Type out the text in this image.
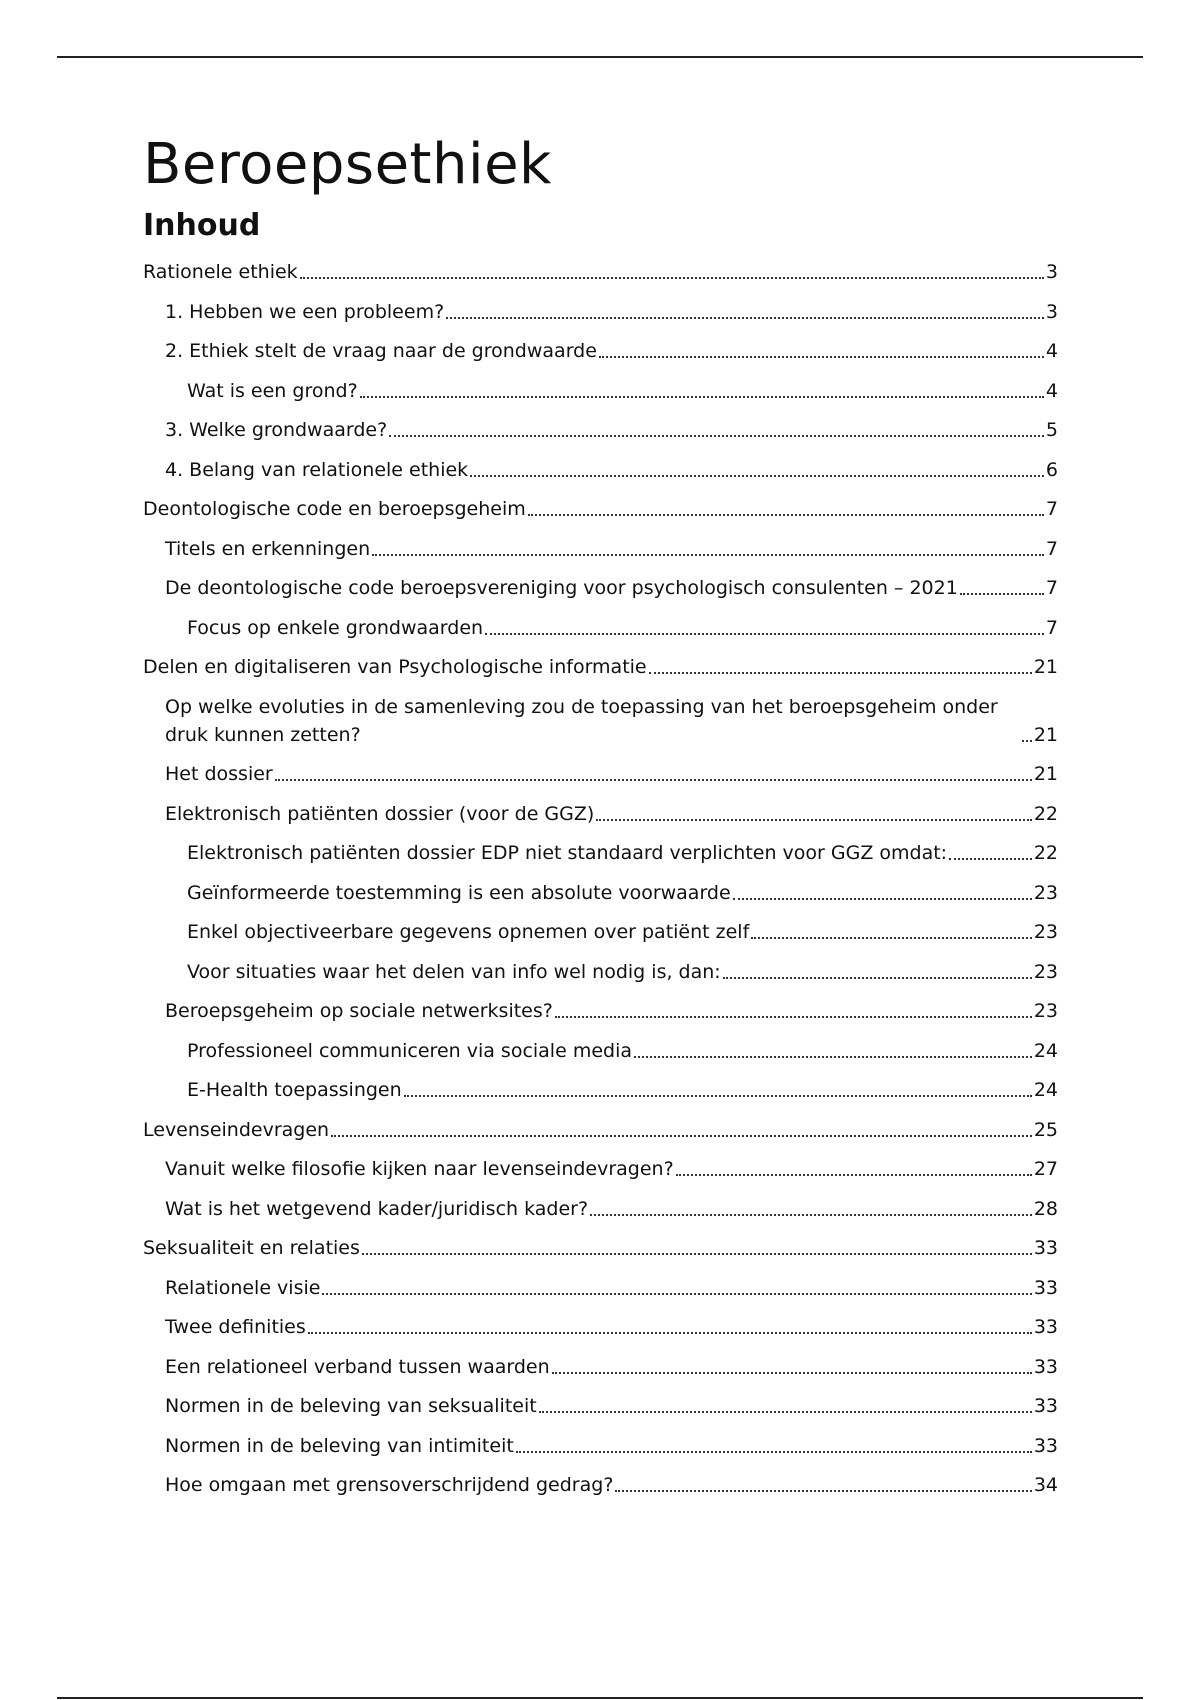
Beroepsethiek
Inhoud
Rationele ethiek	3
1. Hebben we een probleem?	3
2. Ethiek stelt de vraag naar de grondwaarde	4
Wat is een grond?	4
3. Welke grondwaarde?	5
4. Belang van relationele ethiek	6
Deontologische code en beroepsgeheim	7
Titels en erkenningen	7
De deontologische code beroepsvereniging voor psychologisch consulenten – 2021	7
Focus op enkele grondwaarden	7
Delen en digitaliseren van Psychologische informatie	21
Op welke evoluties in de samenleving zou de toepassing van het beroepsgeheim onder druk kunnen zetten?	21
Het dossier	21
Elektronisch patiënten dossier (voor de GGZ)	22
Elektronisch patiënten dossier EDP niet standaard verplichten voor GGZ omdat:	22
Geïnformeerde toestemming is een absolute voorwaarde	23
Enkel objectiveerbare gegevens opnemen over patiënt zelf	23
Voor situaties waar het delen van info wel nodig is, dan:	23
Beroepsgeheim op sociale netwerksites?	23
Professioneel communiceren via sociale media	24
E-Health toepassingen	24
Levenseindevragen	25
Vanuit welke filosofie kijken naar levenseindevragen?	27
Wat is het wetgevend kader/juridisch kader?	28
Seksualiteit en relaties	33
Relationele visie	33
Twee definities	33
Een relationeel verband tussen waarden	33
Normen in de beleving van seksualiteit	33
Normen in de beleving van intimiteit	33
Hoe omgaan met grensoverschrijdend gedrag?	34
